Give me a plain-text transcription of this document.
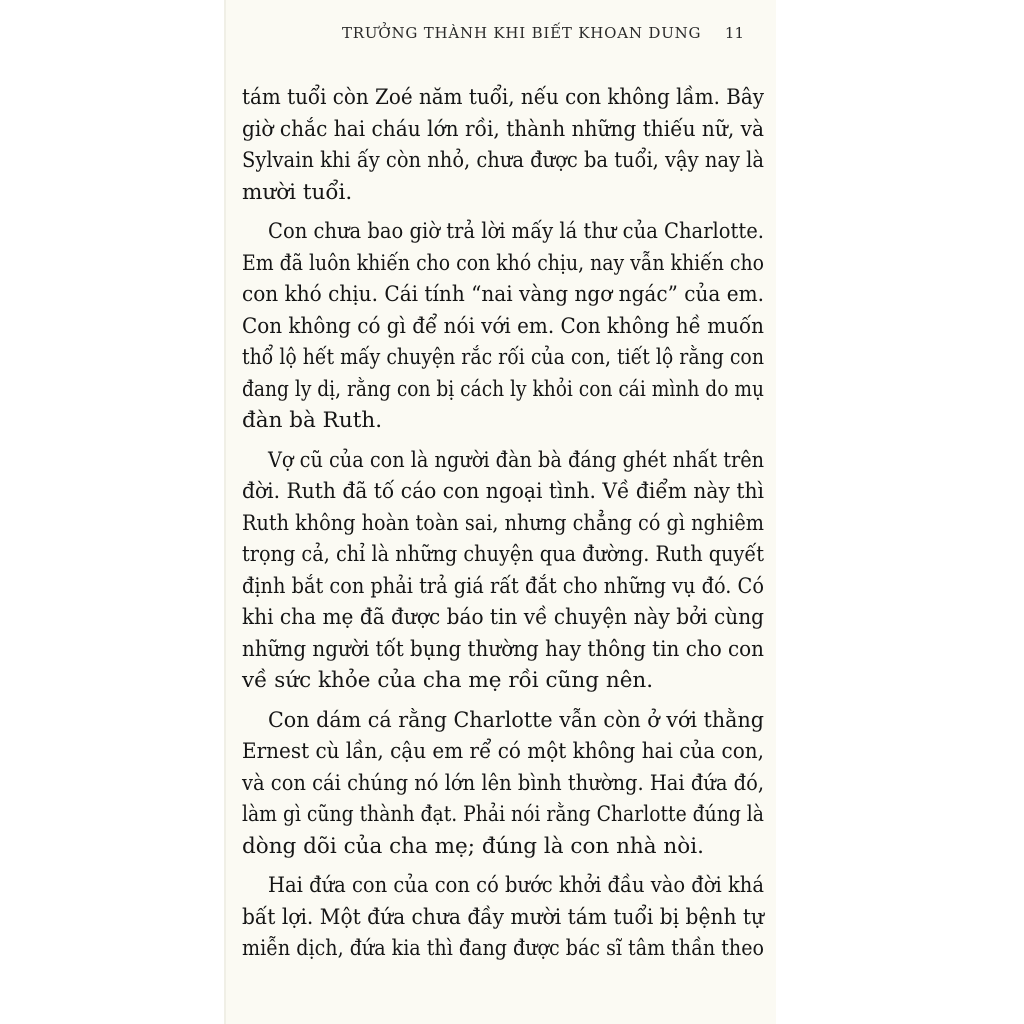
TRƯỞNG THÀNH KHI BIẾT KHOAN DUNG 11
tám tuổi còn Zoé năm tuổi, nếu con không lầm. Bây
giờ chắc hai cháu lớn rồi, thành những thiếu nữ, và
Sylvain khi ấy còn nhỏ, chưa được ba tuổi, vậy nay là
mười tuổi.
Con chưa bao giờ trả lời mấy lá thư của Charlotte.
Em đã luôn khiến cho con khó chịu, nay vẫn khiến cho
con khó chịu. Cái tính “nai vàng ngơ ngác” của em.
Con không có gì để nói với em. Con không hề muốn
thổ lộ hết mấy chuyện rắc rối của con, tiết lộ rằng con
đang ly dị, rằng con bị cách ly khỏi con cái mình do mụ
đàn bà Ruth.
Vợ cũ của con là người đàn bà đáng ghét nhất trên
đời. Ruth đã tố cáo con ngoại tình. Về điểm này thì
Ruth không hoàn toàn sai, nhưng chẳng có gì nghiêm
trọng cả, chỉ là những chuyện qua đường. Ruth quyết
định bắt con phải trả giá rất đắt cho những vụ đó. Có
khi cha mẹ đã được báo tin về chuyện này bởi cùng
những người tốt bụng thường hay thông tin cho con
về sức khỏe của cha mẹ rồi cũng nên.
Con dám cá rằng Charlotte vẫn còn ở với thằng
Ernest cù lần, cậu em rể có một không hai của con,
và con cái chúng nó lớn lên bình thường. Hai đứa đó,
làm gì cũng thành đạt. Phải nói rằng Charlotte đúng là
dòng dõi của cha mẹ; đúng là con nhà nòi.
Hai đứa con của con có bước khởi đầu vào đời khá
bất lợi. Một đứa chưa đầy mười tám tuổi bị bệnh tự
miễn dịch, đứa kia thì đang được bác sĩ tâm thần theo
